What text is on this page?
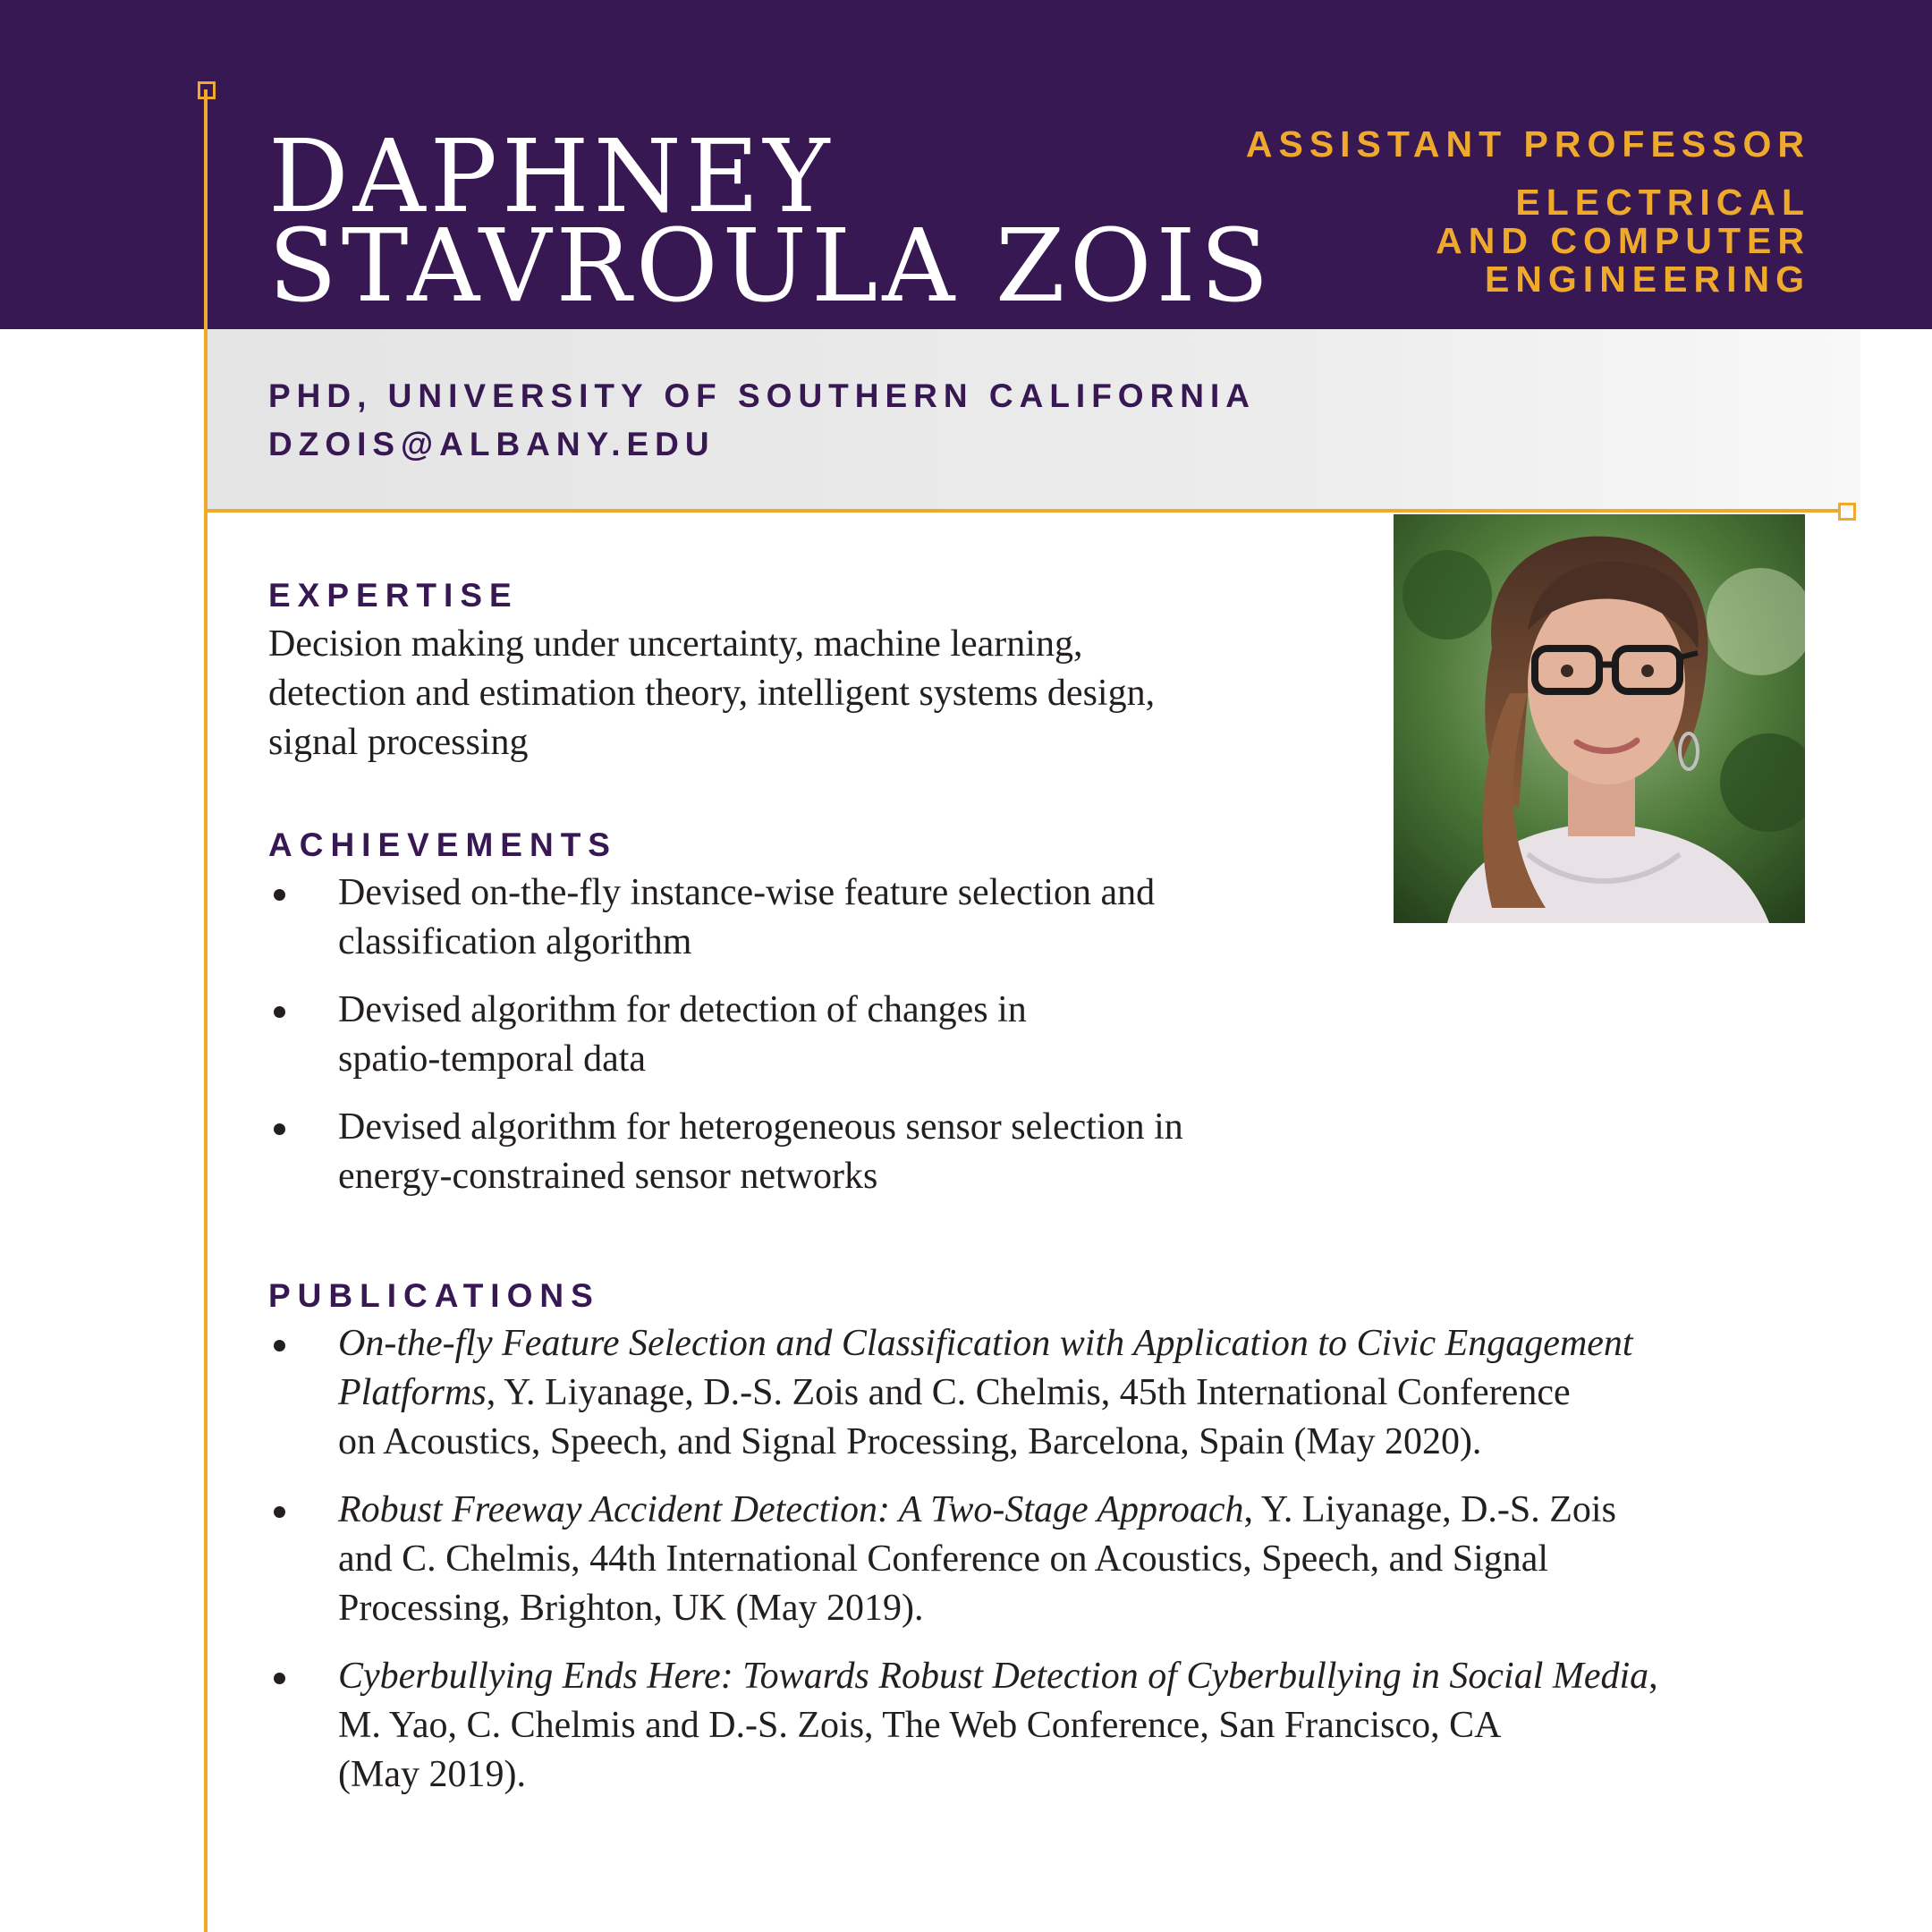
DAPHNEY
STAVROULA ZOIS
ASSISTANT PROFESSOR
ELECTRICAL
AND COMPUTER
ENGINEERING
PHD, UNIVERSITY OF SOUTHERN CALIFORNIA
DZOIS@ALBANY.EDU
EXPERTISE
Decision making under uncertainty, machine learning,
detection and estimation theory, intelligent systems design,
signal processing
ACHIEVEMENTS
Devised on-the-fly instance-wise feature selection and
classification algorithm
Devised algorithm for detection of changes in
spatio-temporal data
Devised algorithm for heterogeneous sensor selection in
energy-constrained sensor networks
PUBLICATIONS
On-the-fly Feature Selection and Classification with Application to Civic Engagement
Platforms, Y. Liyanage, D.-S. Zois and C. Chelmis, 45th International Conference
on Acoustics, Speech, and Signal Processing, Barcelona, Spain (May 2020).
Robust Freeway Accident Detection: A Two-Stage Approach, Y. Liyanage, D.-S. Zois
and C. Chelmis, 44th International Conference on Acoustics, Speech, and Signal
Processing, Brighton, UK (May 2019).
Cyberbullying Ends Here: Towards Robust Detection of Cyberbullying in Social Media,
M. Yao, C. Chelmis and D.-S. Zois, The Web Conference, San Francisco, CA
(May 2019).
